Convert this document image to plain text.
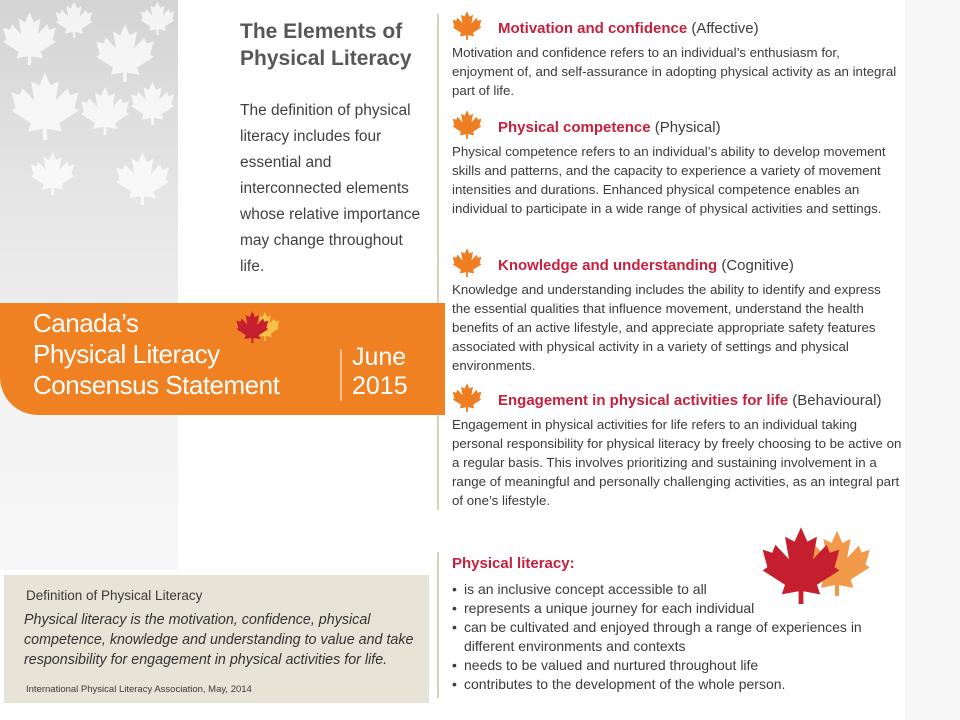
The Elements of Physical Literacy

The definition of physical literacy includes four essential and interconnected elements whose relative importance may change throughout life.

Motivation and confidence (Affective)

Motivation and confidence refers to an individual’s enthusiasm for, enjoyment of, and self-assurance in adopting physical activity as an integral part of life.

Physical competence (Physical)

Physical competence refers to an individual’s ability to develop movement skills and patterns, and the capacity to experience a variety of movement intensities and durations. Enhanced physical competence enables an individual to participate in a wide range of physical activities and settings.

Knowledge and understanding (Cognitive)

Knowledge and understanding includes the ability to identify and express the essential qualities that influence movement, understand the health benefits of an active lifestyle, and appreciate appropriate safety features associated with physical activity in a variety of settings and physical environments.

Engagement in physical activities for life (Behavioural)

Engagement in physical activities for life refers to an individual taking personal responsibility for physical literacy by freely choosing to be active on a regular basis. This involves prioritizing and sustaining involvement in a range of meaningful and personally challenging activities, as an integral part of one’s lifestyle.

Canada’s
Physical Literacy
Consensus Statement
June
2015
Definition of Physical Literacy

Physical literacy is the motivation, confidence, physical competence, knowledge and understanding to value and take responsibility for engagement in physical activities for life.

International Physical Literacy Association, May, 2014
Physical literacy:
• is an inclusive concept accessible to all
• represents a unique journey for each individual
• can be cultivated and enjoyed through a range of experiences in different environments and contexts
• needs to be valued and nurtured throughout life
• contributes to the development of the whole person.
